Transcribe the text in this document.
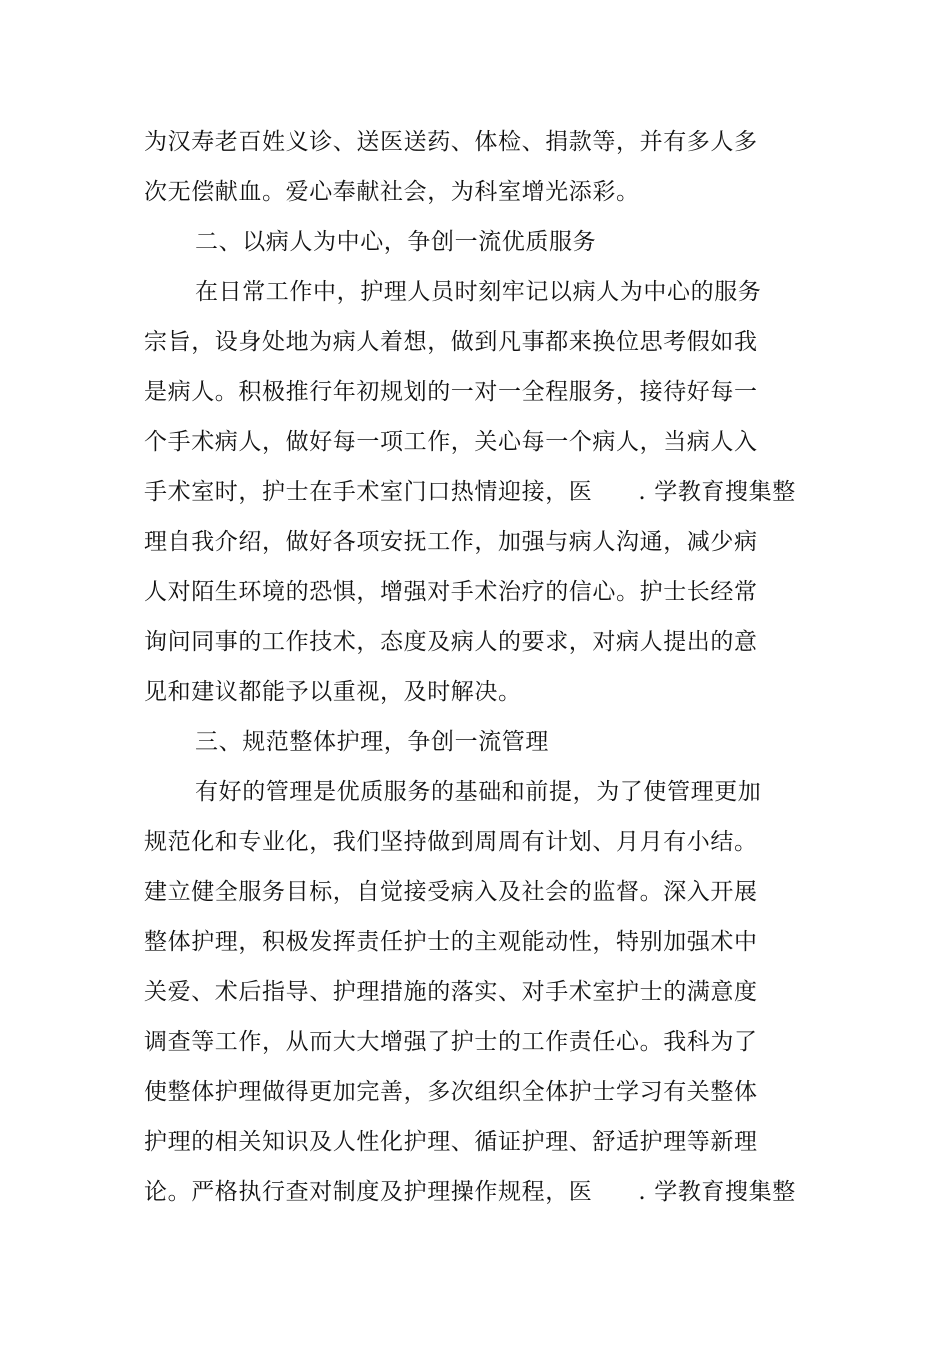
为汉寿老百姓义诊、送医送药、体检、捐款等，并有多人多
次无偿献血。爱心奉献社会，为科室增光添彩。
二、以病人为中心，争创一流优质服务
在日常工作中，护理人员时刻牢记以病人为中心的服务
宗旨，设身处地为病人着想，做到凡事都来换位思考假如我
是病人。积极推行年初规划的一对一全程服务，接待好每一
个手术病人，做好每一项工作，关心每一个病人，当病人入
手术室时，护士在手术室门口热情迎接，医 . 学教育搜集整
理自我介绍，做好各项安抚工作，加强与病人沟通，减少病
人对陌生环境的恐惧，增强对手术治疗的信心。护士长经常
询问同事的工作技术，态度及病人的要求，对病人提出的意
见和建议都能予以重视，及时解决。
三、规范整体护理，争创一流管理
有好的管理是优质服务的基础和前提，为了使管理更加
规范化和专业化，我们坚持做到周周有计划、月月有小结。
建立健全服务目标，自觉接受病入及社会的监督。深入开展
整体护理，积极发挥责任护士的主观能动性，特别加强术中
关爱、术后指导、护理措施的落实、对手术室护士的满意度
调查等工作，从而大大增强了护士的工作责任心。我科为了
使整体护理做得更加完善，多次组织全体护士学习有关整体
护理的相关知识及人性化护理、循证护理、舒适护理等新理
论。严格执行查对制度及护理操作规程，医 . 学教育搜集整
